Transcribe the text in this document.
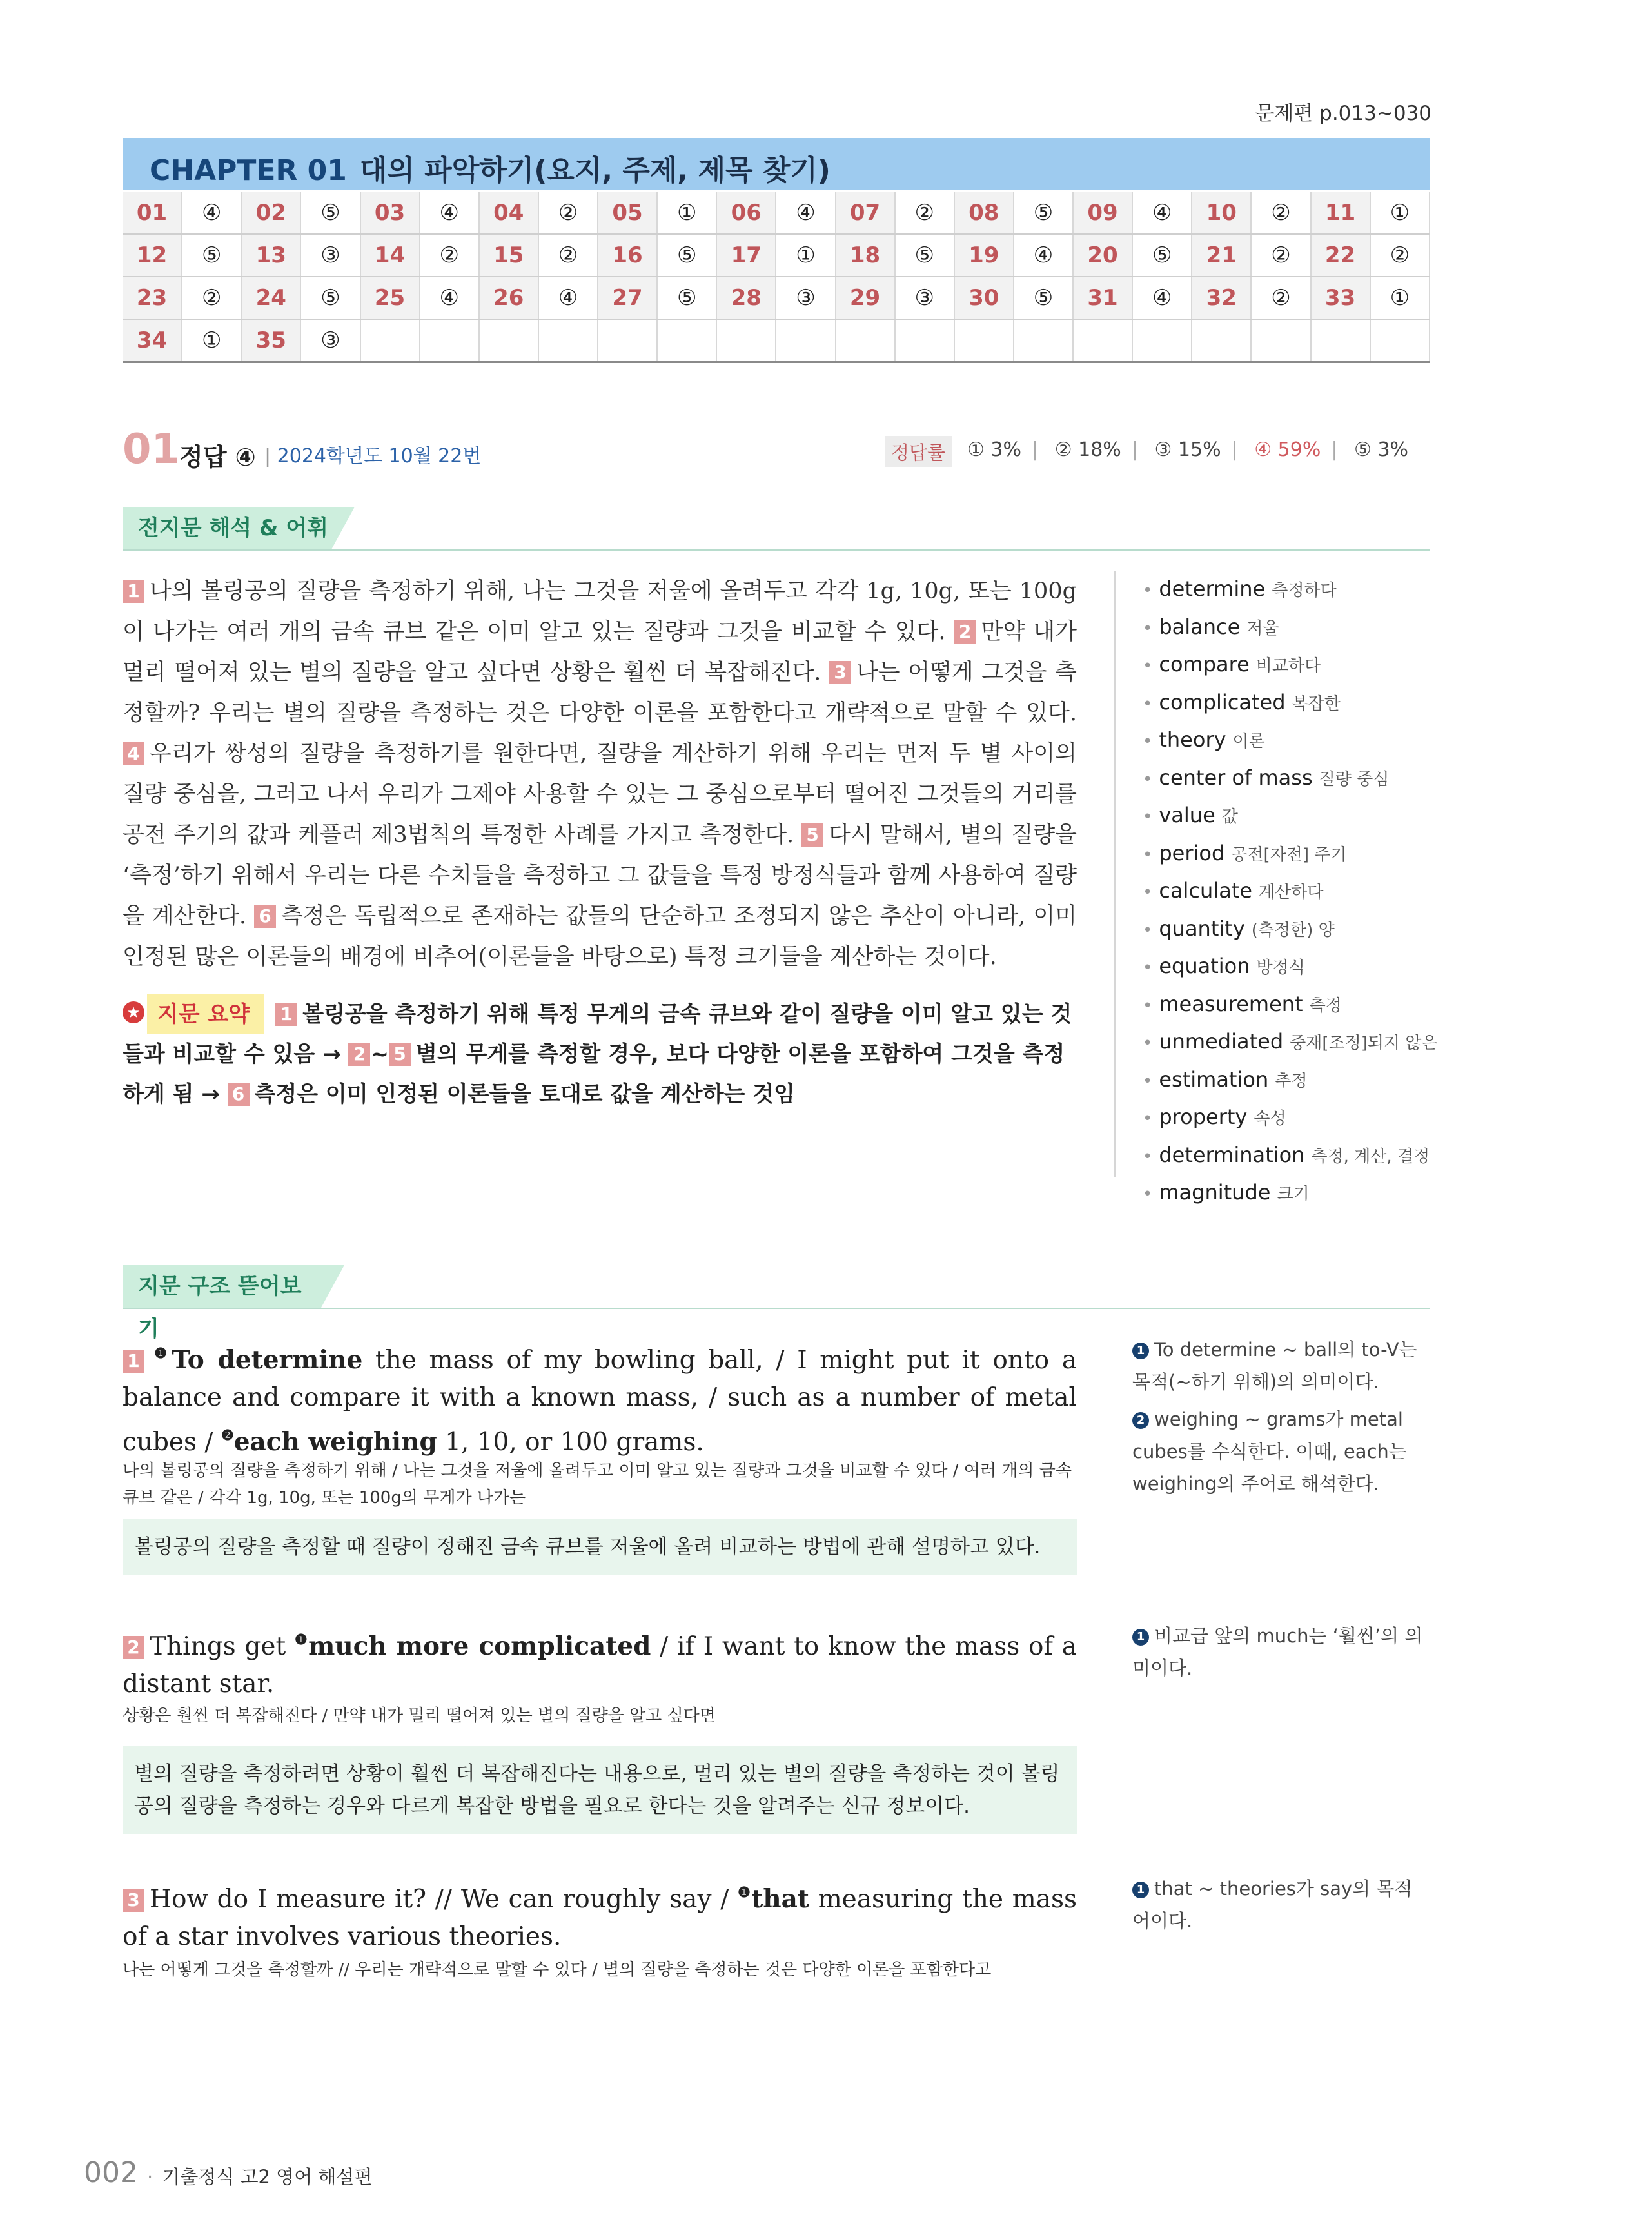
문제편 p.013~030
CHAPTER 01 대의 파악하기(요지, 주제, 제목 찾기)
01	④	02	⑤	03	④	04	②	05	①	06	④	07	②	08	⑤	09	④	10	②	11	①
12	⑤	13	③	14	②	15	②	16	⑤	17	①	18	⑤	19	④	20	⑤	21	②	22	②
23	②	24	⑤	25	④	26	④	27	⑤	28	③	29	③	30	⑤	31	④	32	②	33	①
34	①	35	③																		
01
정답 ④	| 2024학년도 10월 22번	정답률	① 3% | ② 18% | ③ 15% | ④ 59% | ⑤ 3%
전지문 해석 & 어휘
1 나의 볼링공의 질량을 측정하기 위해, 나는 그것을 저울에 올려두고 각각 1g, 10g, 또는 100g이 나가는 여러 개의 금속 큐브 같은 이미 알고 있는 질량과 그것을 비교할 수 있다. 2 만약 내가 멀리 떨어져 있는 별의 질량을 알고 싶다면 상황은 훨씬 더 복잡해진다. 3 나는 어떻게 그것을 측정할까? 우리는 별의 질량을 측정하는 것은 다양한 이론을 포함한다고 개략적으로 말할 수 있다. 4 우리가 쌍성의 질량을 측정하기를 원한다면, 질량을 계산하기 위해 우리는 먼저 두 별 사이의 질량 중심을, 그러고 나서 우리가 그제야 사용할 수 있는 그 중심으로부터 떨어진 그것들의 거리를 공전 주기의 값과 케플러 제3법칙의 특정한 사례를 가지고 측정한다. 5 다시 말해서, 별의 질량을 ‘측정’하기 위해서 우리는 다른 수치들을 측정하고 그 값들을 특정 방정식들과 함께 사용하여 질량을 계산한다. 6 측정은 독립적으로 존재하는 값들의 단순하고 조정되지 않은 추산이 아니라, 이미 인정된 많은 이론들의 배경에 비추어(이론들을 바탕으로) 특정 크기들을 계산하는 것이다.
★ 지문 요약 1 볼링공을 측정하기 위해 특정 무게의 금속 큐브와 같이 질량을 이미 알고 있는 것들과 비교할 수 있음 → 2 ~ 5 별의 무게를 측정할 경우, 보다 다양한 이론을 포함하여 그것을 측정하게 됨 → 6 측정은 이미 인정된 이론들을 토대로 값을 계산하는 것임
• determine 측정하다
• balance 저울
• compare 비교하다
• complicated 복잡한
• theory 이론
• center of mass 질량 중심
• value 값
• period 공전[자전] 주기
• calculate 계산하다
• quantity (측정한) 양
• equation 방정식
• measurement 측정
• unmediated 중재[조정]되지 않은
• estimation 추정
• property 속성
• determination 측정, 계산, 결정
• magnitude 크기
지문 구조 뜯어보기
1 $^❶$To determine the mass of my bowling ball, / I might put it onto a balance and compare it with a known mass, / such as a number of metal cubes / $^❷$each weighing 1, 10, or 100 grams.
나의 볼링공의 질량을 측정하기 위해 / 나는 그것을 저울에 올려두고 이미 알고 있는 질량과 그것을 비교할 수 있다 / 여러 개의 금속 큐브 같은 / 각각 1g, 10g, 또는 100g의 무게가 나가는
볼링공의 질량을 측정할 때 질량이 정해진 금속 큐브를 저울에 올려 비교하는 방법에 관해 설명하고 있다.
1 To determine ~ ball의 to-V는 목적(~하기 위해)의 의미이다.
2 weighing ~ grams가 metal cubes를 수식한다. 이때, each는 weighing의 주어로 해석한다.
2 Things get $^❶$much more complicated / if I want to know the mass of a distant star.
상황은 훨씬 더 복잡해진다 / 만약 내가 멀리 떨어져 있는 별의 질량을 알고 싶다면
별의 질량을 측정하려면 상황이 훨씬 더 복잡해진다는 내용으로, 멀리 있는 별의 질량을 측정하는 것이 볼링공의 질량을 측정하는 경우와 다르게 복잡한 방법을 필요로 한다는 것을 알려주는 신규 정보이다.
1 비교급 앞의 much는 ‘훨씬’의 의미이다.
3 How do I measure it? // We can roughly say / $^❶$that measuring the mass of a star involves various theories.
나는 어떻게 그것을 측정할까 // 우리는 개략적으로 말할 수 있다 / 별의 질량을 측정하는 것은 다양한 이론을 포함한다고
1 that ~ theories가 say의 목적어이다.
002	· 기출정식 고2 영어 해설편
